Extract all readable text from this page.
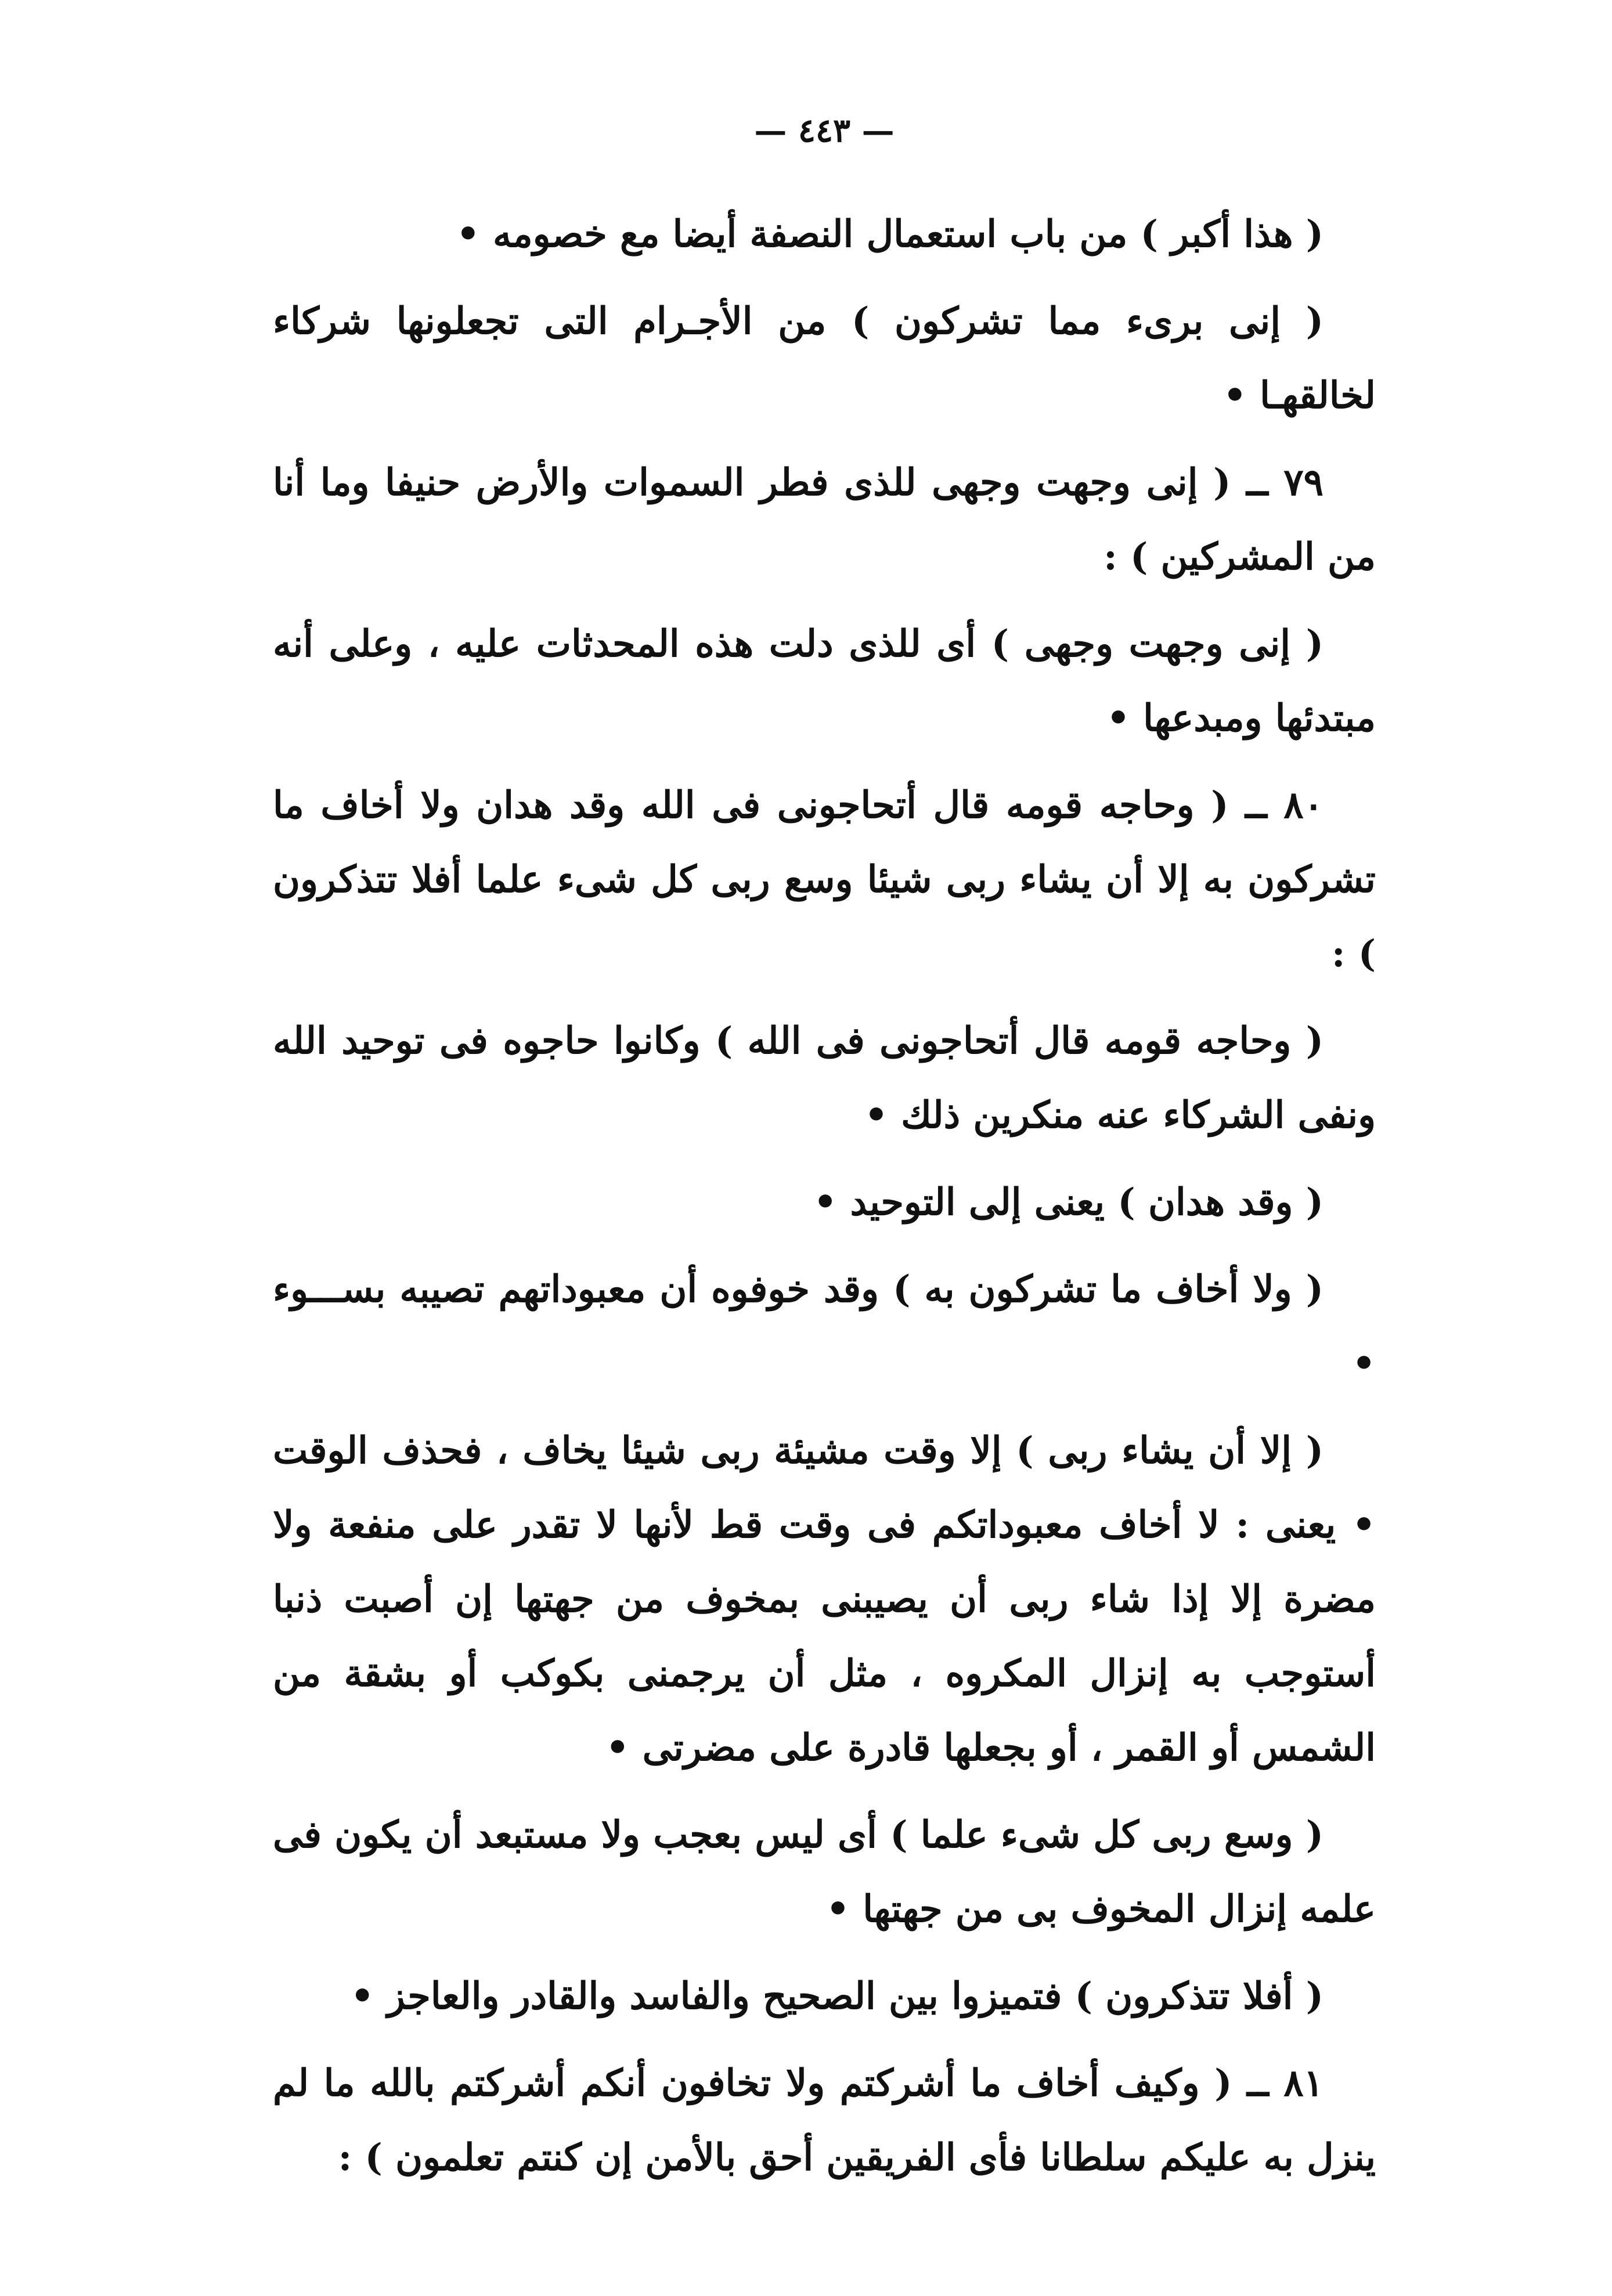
— ٤٤٣ —

( هذا أكبر ) من باب استعمال النصفة أيضا مع خصومه •

( إنى برىء مما تشركون ) من الأجـرام التى تجعلونها شركاء لخالقهـا •

٧٩ ــ ( إنى وجهت وجهى للذى فطر السموات والأرض حنيفا وما أنا من المشركين ) :

( إنى وجهت وجهى ) أى للذى دلت هذه المحدثات عليه ، وعلى أنه مبتدئها ومبدعها •

٨٠ ــ ( وحاجه قومه قال أتحاجونى فى الله وقد هدان ولا أخاف ما تشركون به إلا أن يشاء ربى شيئا وسع ربى كل شىء علما أفلا تتذكرون ) :

( وحاجه قومه قال أتحاجونى فى الله ) وكانوا حاجوه فى توحيد الله ونفى الشركاء عنه منكرين ذلك •

( وقد هدان ) يعنى إلى التوحيد •

( ولا أخاف ما تشركون به ) وقد خوفوه أن معبوداتهم تصيبه بســـوء •

( إلا أن يشاء ربى ) إلا وقت مشيئة ربى شيئا يخاف ، فحذف الوقت • يعنى : لا أخاف معبوداتكم فى وقت قط لأنها لا تقدر على منفعة ولا مضرة إلا إذا شاء ربى أن يصيبنى بمخوف من جهتها إن أصبت ذنبا أستوجب به إنزال المكروه ، مثل أن يرجمنى بكوكب أو بشقة من الشمس أو القمر ، أو بجعلها قادرة على مضرتى •

( وسع ربى كل شىء علما ) أى ليس بعجب ولا مستبعد أن يكون فى علمه إنزال المخوف بى من جهتها •

( أفلا تتذكرون ) فتميزوا بين الصحيح والفاسد والقادر والعاجز •

٨١ ــ ( وكيف أخاف ما أشركتم ولا تخافون أنكم أشركتم بالله ما لم ينزل به عليكم سلطانا فأى الفريقين أحق بالأمن إن كنتم تعلمون ) :
